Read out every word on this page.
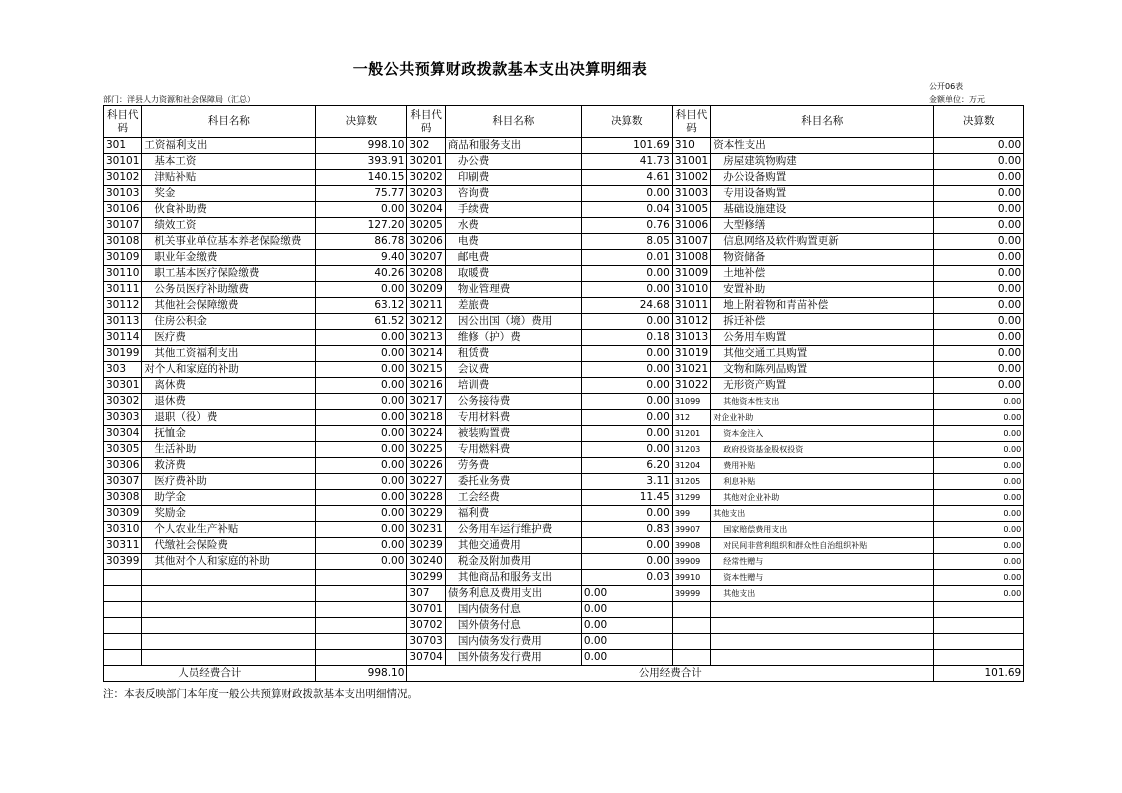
一般公共预算财政拨款基本支出决算明细表
公开06表
金额单位：万元
部门：洋县人力资源和社会保障局（汇总）
科目代码	科目名称	决算数	科目代码	科目名称	决算数	科目代码	科目名称	决算数
301	工资福利支出	998.10	302	商品和服务支出	101.69	310	资本性支出	0.00
30101	基本工资	393.91	30201	办公费	41.73	31001	房屋建筑物购建	0.00
30102	津贴补贴	140.15	30202	印刷费	4.61	31002	办公设备购置	0.00
30103	奖金	75.77	30203	咨询费	0.00	31003	专用设备购置	0.00
30106	伙食补助费	0.00	30204	手续费	0.04	31005	基础设施建设	0.00
30107	绩效工资	127.20	30205	水费	0.76	31006	大型修缮	0.00
30108	机关事业单位基本养老保险缴费	86.78	30206	电费	8.05	31007	信息网络及软件购置更新	0.00
30109	职业年金缴费	9.40	30207	邮电费	0.01	31008	物资储备	0.00
30110	职工基本医疗保险缴费	40.26	30208	取暖费	0.00	31009	土地补偿	0.00
30111	公务员医疗补助缴费	0.00	30209	物业管理费	0.00	31010	安置补助	0.00
30112	其他社会保障缴费	63.12	30211	差旅费	24.68	31011	地上附着物和青苗补偿	0.00
30113	住房公积金	61.52	30212	因公出国（境）费用	0.00	31012	拆迁补偿	0.00
30114	医疗费	0.00	30213	维修（护）费	0.18	31013	公务用车购置	0.00
30199	其他工资福利支出	0.00	30214	租赁费	0.00	31019	其他交通工具购置	0.00
303	对个人和家庭的补助	0.00	30215	会议费	0.00	31021	文物和陈列品购置	0.00
30301	离休费	0.00	30216	培训费	0.00	31022	无形资产购置	0.00
30302	退休费	0.00	30217	公务接待费	0.00	31099	其他资本性支出	0.00
30303	退职（役）费	0.00	30218	专用材料费	0.00	312	对企业补助	0.00
30304	抚恤金	0.00	30224	被装购置费	0.00	31201	资本金注入	0.00
30305	生活补助	0.00	30225	专用燃料费	0.00	31203	政府投资基金股权投资	0.00
30306	救济费	0.00	30226	劳务费	6.20	31204	费用补贴	0.00
30307	医疗费补助	0.00	30227	委托业务费	3.11	31205	利息补贴	0.00
30308	助学金	0.00	30228	工会经费	11.45	31299	其他对企业补助	0.00
30309	奖励金	0.00	30229	福利费	0.00	399	其他支出	0.00
30310	个人农业生产补贴	0.00	30231	公务用车运行维护费	0.83	39907	国家赔偿费用支出	0.00
30311	代缴社会保险费	0.00	30239	其他交通费用	0.00	39908	对民间非营利组织和群众性自治组织补贴	0.00
30399	其他对个人和家庭的补助	0.00	30240	税金及附加费用	0.00	39909	经常性赠与	0.00
			30299	其他商品和服务支出	0.03	39910	资本性赠与	0.00
			307	债务利息及费用支出	0.00	39999	其他支出	0.00
			30701	国内债务付息	0.00			
			30702	国外债务付息	0.00			
			30703	国内债务发行费用	0.00			
			30704	国外债务发行费用	0.00			
人员经费合计		998.10	公用经费合计					101.69
注：本表反映部门本年度一般公共预算财政拨款基本支出明细情况。
